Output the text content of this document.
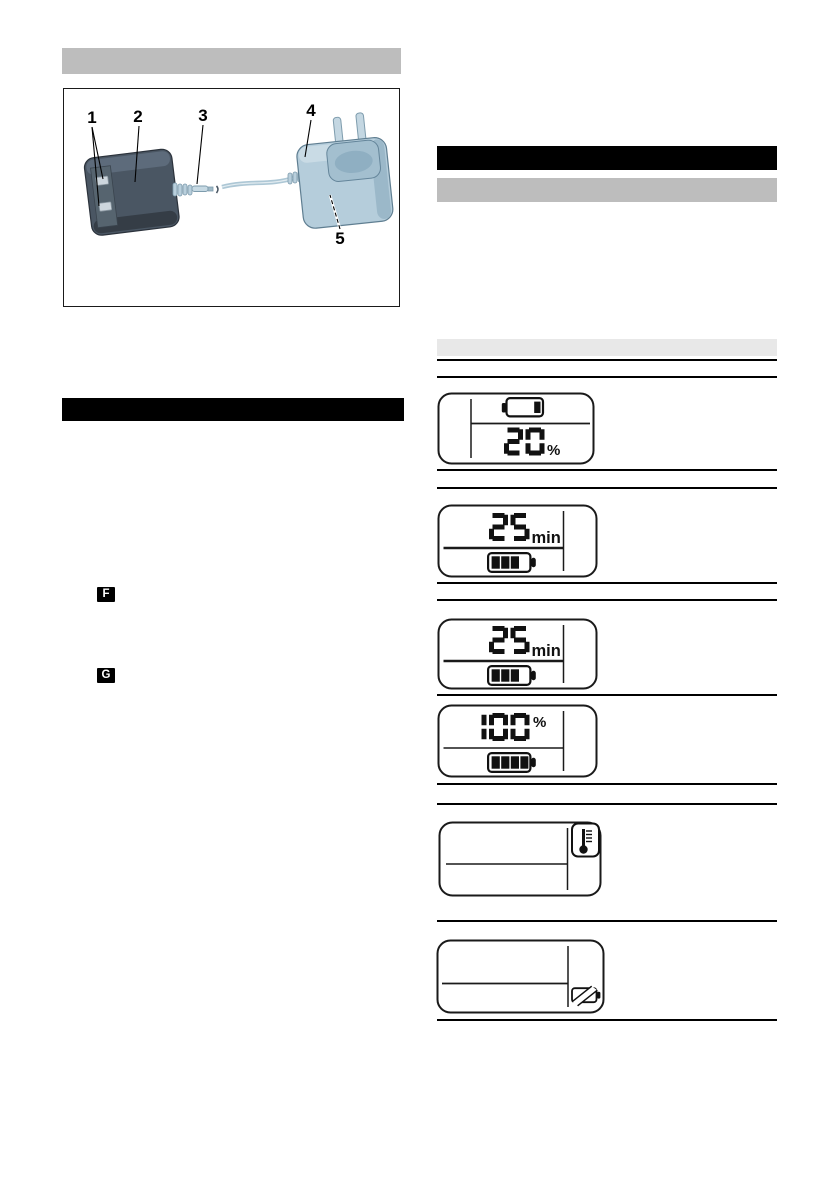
1 2	3	4
5
F
G
%
min
min
%
